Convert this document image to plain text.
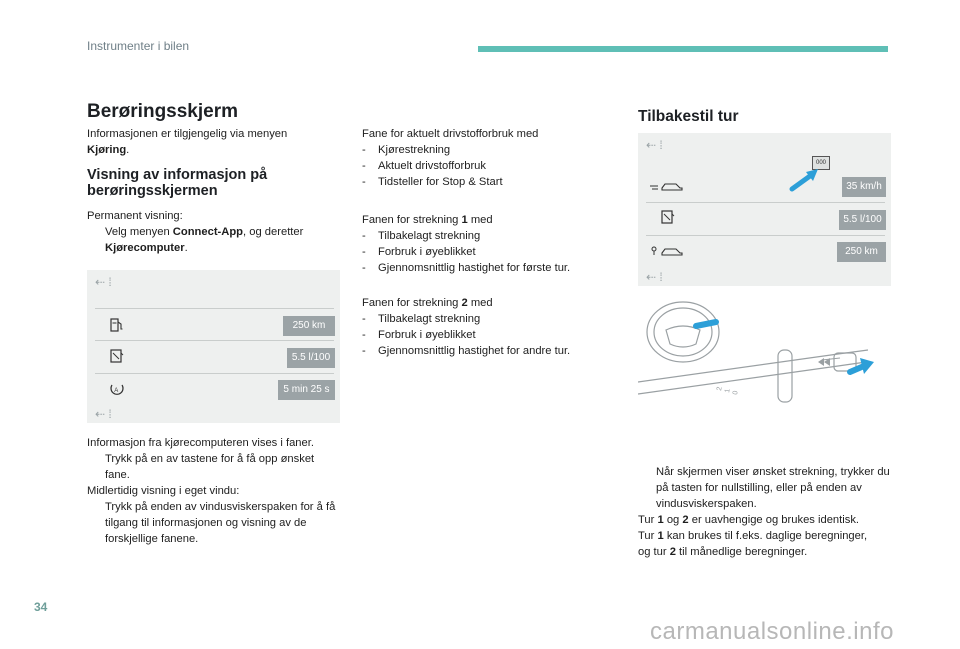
Instrumenter i bilen
Berøringsskjerm
Informasjonen er tilgjengelig via menyen
Kjøring.
Visning av informasjon på
berøringsskjermen
Permanent visning:
Velg menyen Connect-App, og deretter
Kjørecomputer.
⇠ ⁞
250 km
5.5 l/100
A	5 min 25 s
⇠ ⁞
Informasjon fra kjørecomputeren vises i faner.
Trykk på en av tastene for å få opp ønsket fane.
Midlertidig visning i eget vindu:
Trykk på enden av vindusviskerspaken for å få tilgang til informasjonen og visning av de forskjellige fanene.
Fane for aktuelt drivstofforbruk med
- Kjørestrekning
- Aktuelt drivstofforbruk
- Tidsteller for Stop & Start
Fanen for strekning 1 med
- Tilbakelagt strekning
- Forbruk i øyeblikket
- Gjennomsnittlig hastighet for første tur.
Fanen for strekning 2 med
- Tilbakelagt strekning
- Forbruk i øyeblikket
- Gjennomsnittlig hastighet for andre tur.
Tilbakestil tur
⇠ ⁞
000
35 km/h
5.5 l/100
250 km
⇠ ⁞
2 1 0
Når skjermen viser ønsket strekning, trykker du på tasten for nullstilling, eller på enden av vindusviskerspaken.
Tur 1 og 2 er uavhengige og brukes identisk.
Tur 1 kan brukes til f.eks. daglige beregninger,
og tur 2 til månedlige beregninger.
34
carmanualsonline.info
